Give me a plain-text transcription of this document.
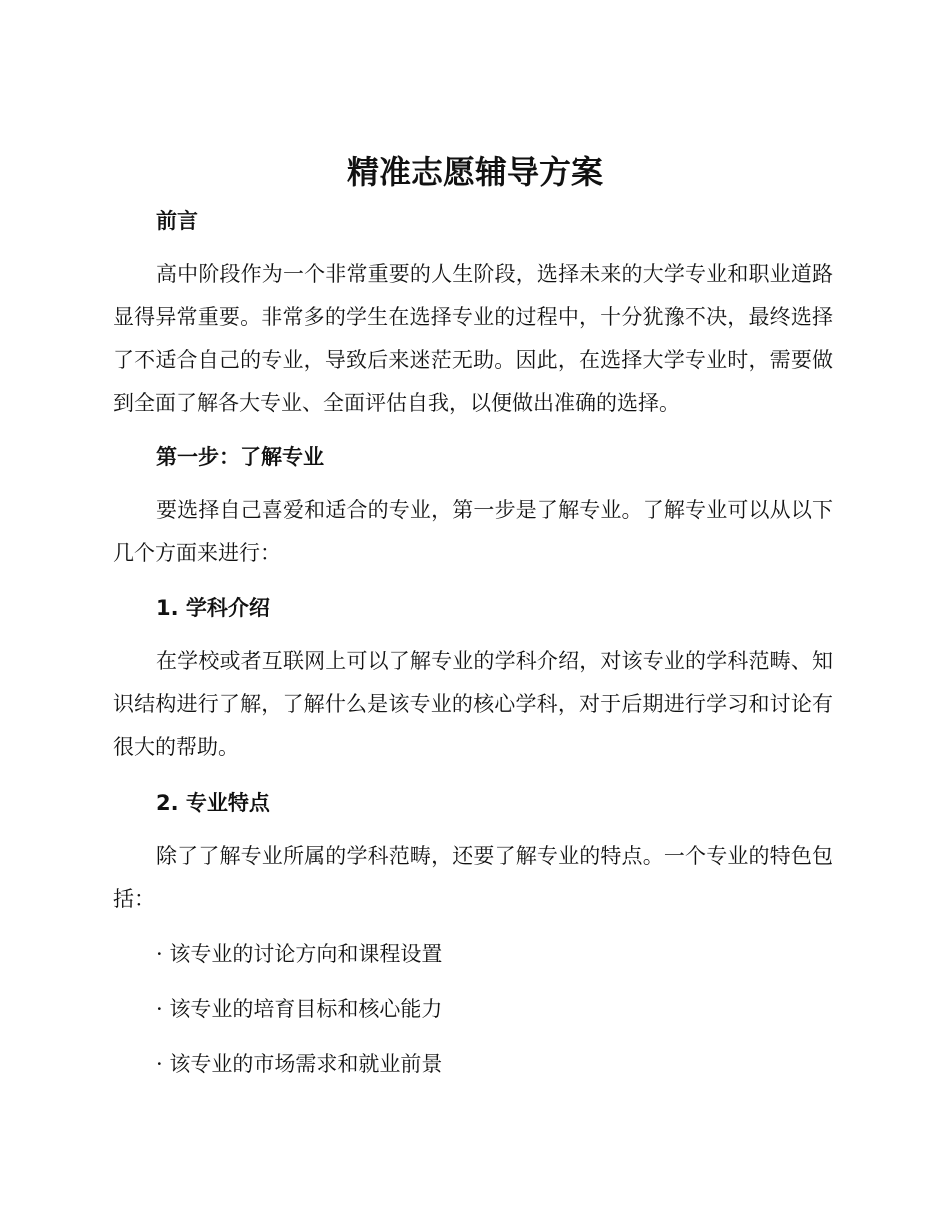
精准志愿辅导方案
前言

高中阶段作为一个非常重要的人生阶段，选择未来的大学专业和职业道路显得异常重要。非常多的学生在选择专业的过程中，十分犹豫不决，最终选择了不适合自己的专业，导致后来迷茫无助。因此，在选择大学专业时，需要做到全面了解各大专业、全面评估自我，以便做出准确的选择。

第一步：了解专业

要选择自己喜爱和适合的专业，第一步是了解专业。了解专业可以从以下几个方面来进行：

1. 学科介绍

在学校或者互联网上可以了解专业的学科介绍，对该专业的学科范畴、知识结构进行了解，了解什么是该专业的核心学科，对于后期进行学习和讨论有很大的帮助。

2. 专业特点

除了了解专业所属的学科范畴，还要了解专业的特点。一个专业的特色包括：

· 该专业的讨论方向和课程设置
· 该专业的培育目标和核心能力
· 该专业的市场需求和就业前景
